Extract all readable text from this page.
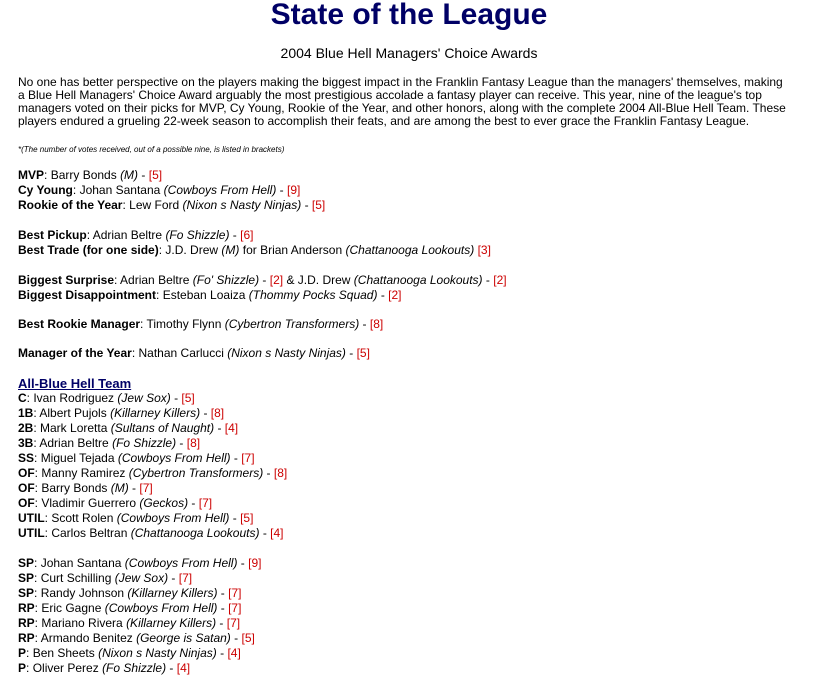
State of the League
2004 Blue Hell Managers' Choice Awards
No one has better perspective on the players making the biggest impact in the Franklin Fantasy League than the managers' themselves, making a Blue Hell Managers' Choice Award arguably the most prestigious accolade a fantasy player can receive. This year, nine of the league's top managers voted on their picks for MVP, Cy Young, Rookie of the Year, and other honors, along with the complete 2004 All-Blue Hell Team. These players endured a grueling 22-week season to accomplish their feats, and are among the best to ever grace the Franklin Fantasy League.
*(The number of votes received, out of a possible nine, is listed in brackets)
MVP: Barry Bonds (M) - [5]
Cy Young: Johan Santana (Cowboys From Hell) - [9]
Rookie of the Year: Lew Ford (Nixon s Nasty Ninjas) - [5]
Best Pickup: Adrian Beltre (Fo Shizzle) - [6]
Best Trade (for one side): J.D. Drew (M) for Brian Anderson (Chattanooga Lookouts) [3]
Biggest Surprise: Adrian Beltre (Fo' Shizzle) - [2] & J.D. Drew (Chattanooga Lookouts) - [2]
Biggest Disappointment: Esteban Loaiza (Thommy Pocks Squad) - [2]
Best Rookie Manager: Timothy Flynn (Cybertron Transformers) - [8]
Manager of the Year: Nathan Carlucci (Nixon s Nasty Ninjas) - [5]
All-Blue Hell Team
C: Ivan Rodriguez (Jew Sox) - [5]
1B: Albert Pujols (Killarney Killers) - [8]
2B: Mark Loretta (Sultans of Naught) - [4]
3B: Adrian Beltre (Fo Shizzle) - [8]
SS: Miguel Tejada (Cowboys From Hell) - [7]
OF: Manny Ramirez (Cybertron Transformers) - [8]
OF: Barry Bonds (M) - [7]
OF: Vladimir Guerrero (Geckos) - [7]
UTIL: Scott Rolen (Cowboys From Hell) - [5]
UTIL: Carlos Beltran (Chattanooga Lookouts) - [4]
SP: Johan Santana (Cowboys From Hell) - [9]
SP: Curt Schilling (Jew Sox) - [7]
SP: Randy Johnson (Killarney Killers) - [7]
RP: Eric Gagne (Cowboys From Hell) - [7]
RP: Mariano Rivera (Killarney Killers) - [7]
RP: Armando Benitez (George is Satan) - [5]
P: Ben Sheets (Nixon s Nasty Ninjas) - [4]
P: Oliver Perez (Fo Shizzle) - [4]
